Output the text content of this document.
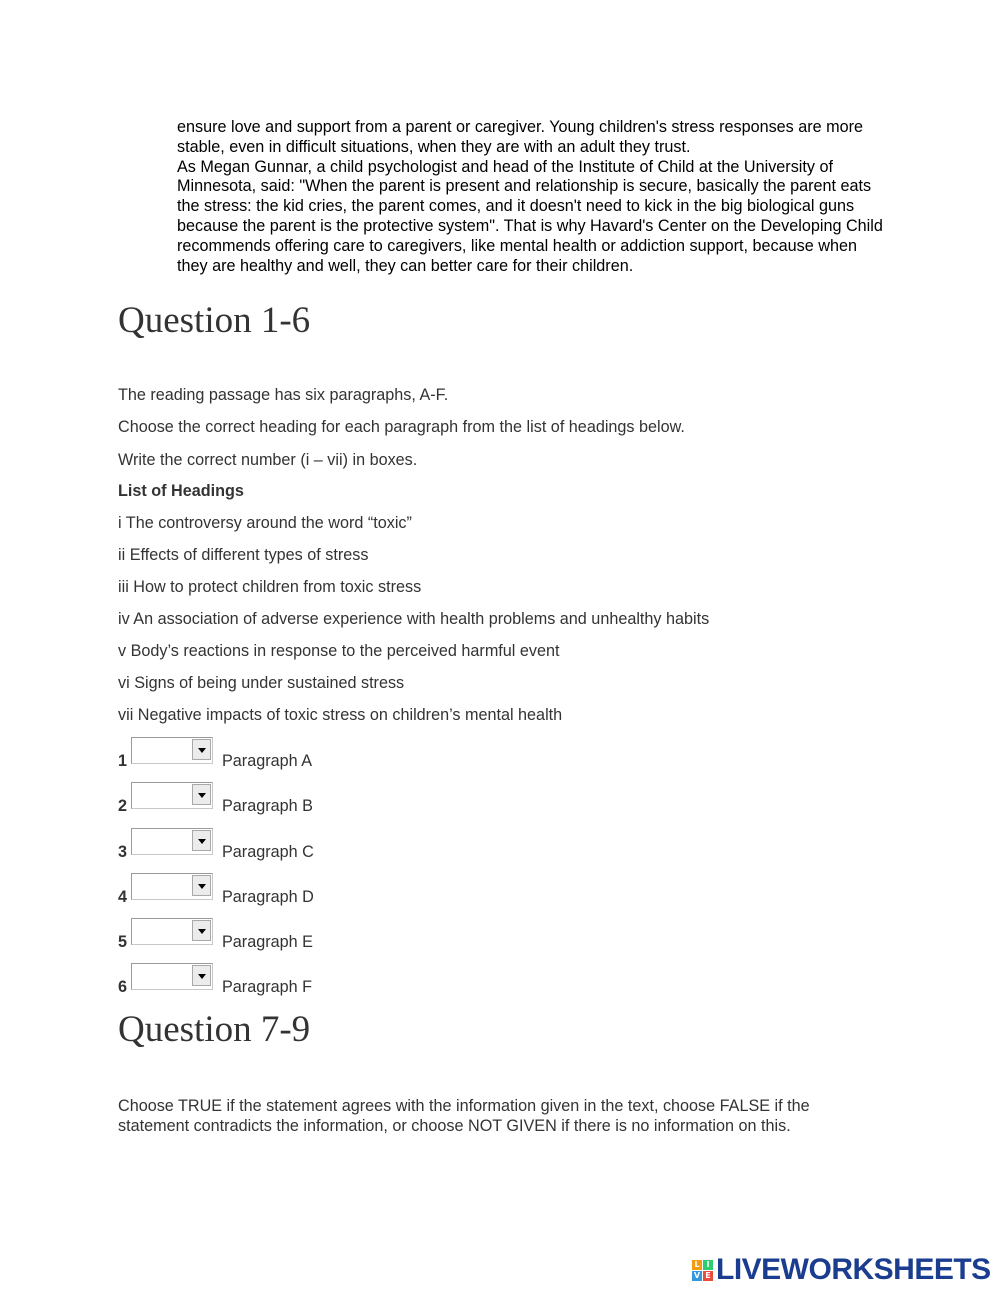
ensure love and support from a parent or caregiver. Young children's stress responses are more stable, even in difficult situations, when they are with an adult they trust.

As Megan Gunnar, a child psychologist and head of the Institute of Child at the University of Minnesota, said: "When the parent is present and relationship is secure, basically the parent eats the stress: the kid cries, the parent comes, and it doesn't need to kick in the big biological guns because the parent is the protective system". That is why Havard's Center on the Developing Child recommends offering care to caregivers, like mental health or addiction support, because when they are healthy and well, they can better care for their children.

Question 1-6
The reading passage has six paragraphs, A-F.
Choose the correct heading for each paragraph from the list of headings below.
Write the correct number (i – vii) in boxes.
List of Headings
i The controversy around the word “toxic”
ii Effects of different types of stress
iii How to protect children from toxic stress
iv An association of adverse experience with health problems and unhealthy habits
v Body’s reactions in response to the perceived harmful event
vi Signs of being under sustained stress
vii Negative impacts of toxic stress on children’s mental health
1	Paragraph A
2	Paragraph B
3	Paragraph C
4	Paragraph D
5	Paragraph E
6	Paragraph F
Question 7-9

Choose TRUE if the statement agrees with the information given in the text, choose FALSE if the statement contradicts the information, or choose NOT GIVEN if there is no information on this.

L I
V E LIVEWORKSHEETS
